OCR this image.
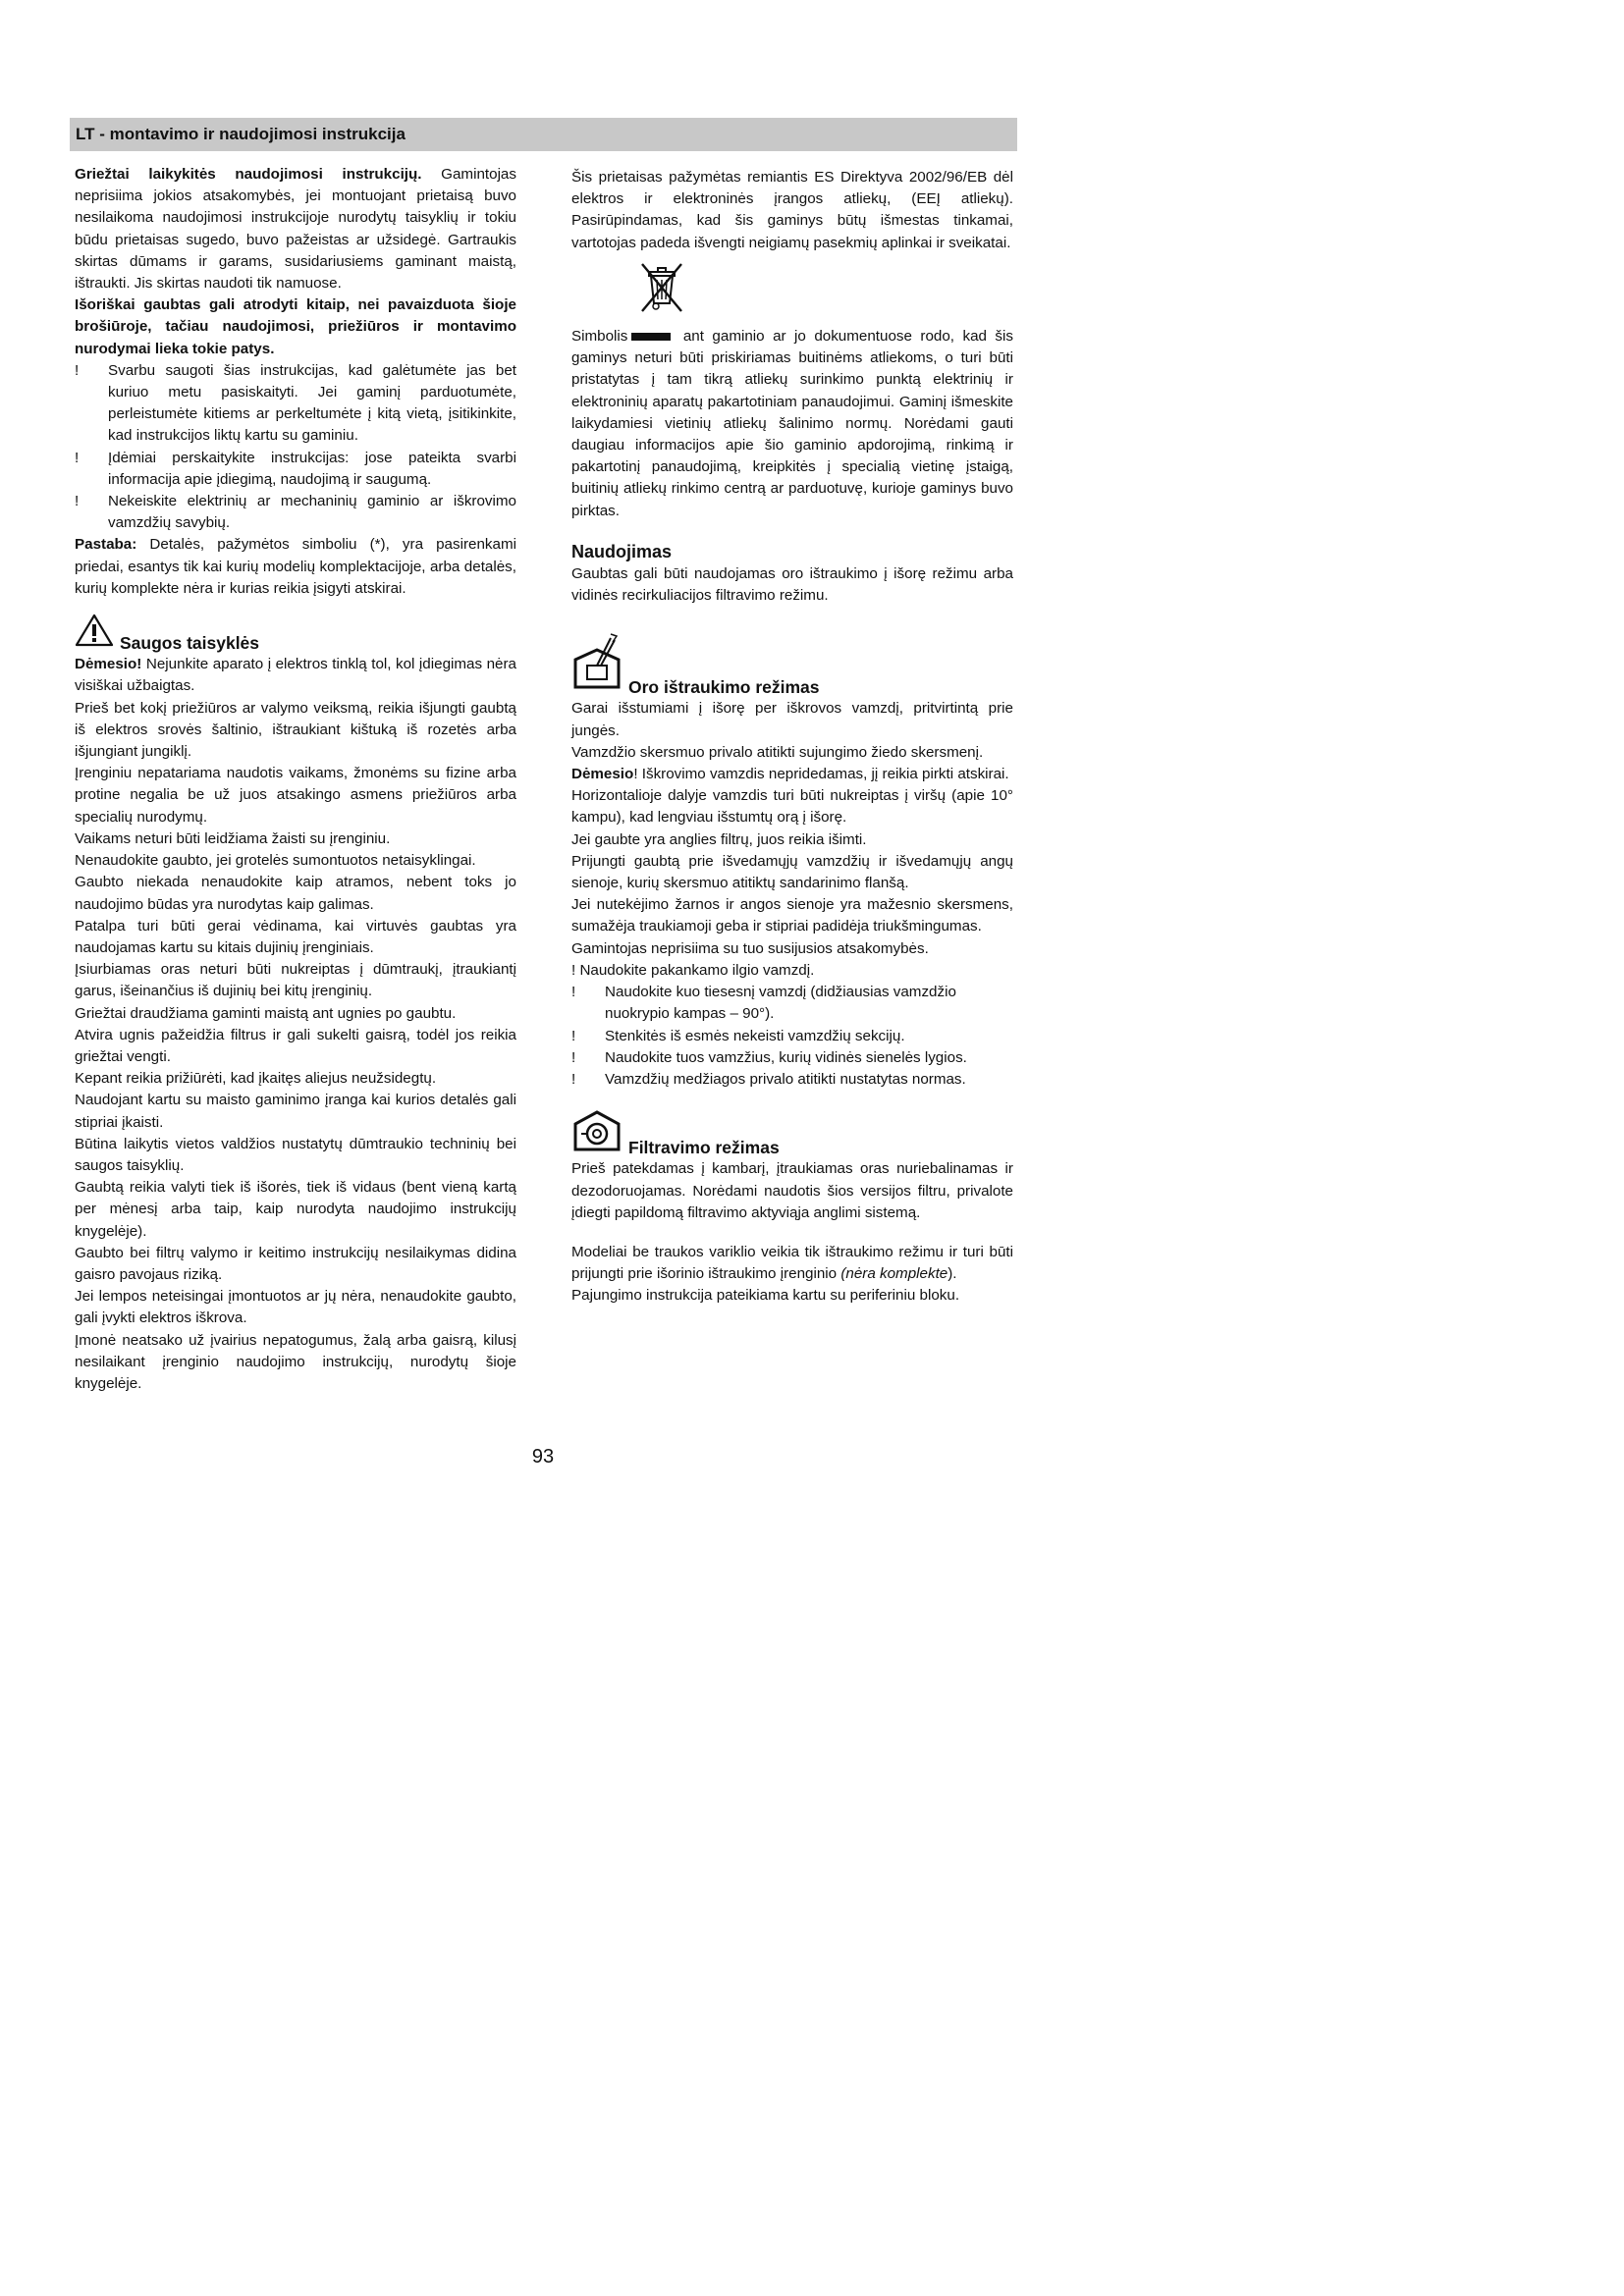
LT - montavimo ir naudojimosi instrukcija

Griežtai laikykitės naudojimosi instrukcijų. Gamintojas neprisiima jokios atsakomybės, jei montuojant prietaisą buvo nesilaikoma naudojimosi instrukcijoje nurodytų taisyklių ir tokiu būdu prietaisas sugedo, buvo pažeistas ar užsidegė. Gartraukis skirtas dūmams ir garams, susidariusiems gaminant maistą, ištraukti. Jis skirtas naudoti tik namuose.

Išoriškai gaubtas gali atrodyti kitaip, nei pavaizduota šioje brošiūroje, tačiau naudojimosi, priežiūros ir montavimo nurodymai lieka tokie patys.

!	Svarbu saugoti šias instrukcijas, kad galėtumėte jas bet kuriuo metu pasiskaityti. Jei gaminį parduotumėte, perleistumėte kitiems ar perkeltumėte į kitą vietą, įsitikinkite, kad instrukcijos liktų kartu su gaminiu.
!	Įdėmiai perskaitykite instrukcijas: jose pateikta svarbi informacija apie įdiegimą, naudojimą ir saugumą.
!	Nekeiskite elektrinių ar mechaninių gaminio ar iškrovimo vamzdžių savybių.

Pastaba: Detalės, pažymėtos simboliu (*), yra pasirenkami priedai, esantys tik kai kurių modelių komplektacijoje, arba detalės, kurių komplekte nėra ir kurias reikia įsigyti atskirai.

Saugos taisyklės

Dėmesio! Nejunkite aparato į elektros tinklą tol, kol įdiegimas nėra visiškai užbaigtas.

Prieš bet kokį priežiūros ar valymo veiksmą, reikia išjungti gaubtą iš elektros srovės šaltinio, ištraukiant kištuką iš rozetės arba išjungiant jungiklį.

Įrenginiu nepatariama naudotis vaikams, žmonėms su fizine arba protine negalia be už juos atsakingo asmens priežiūros arba specialių nurodymų.

Vaikams neturi būti leidžiama žaisti su įrenginiu.

Nenaudokite gaubto, jei grotelės sumontuotos netaisyklingai.

Gaubto niekada nenaudokite kaip atramos, nebent toks jo naudojimo būdas yra nurodytas kaip galimas.

Patalpa turi būti gerai vėdinama, kai virtuvės gaubtas yra naudojamas kartu su kitais dujinių įrenginiais.

Įsiurbiamas oras neturi būti nukreiptas į dūmtraukį, įtraukiantį garus, išeinančius iš dujinių bei kitų įrenginių.

Griežtai draudžiama gaminti maistą ant ugnies po gaubtu.

Atvira ugnis pažeidžia filtrus ir gali sukelti gaisrą, todėl jos reikia griežtai vengti.

Kepant reikia prižiūrėti, kad įkaitęs aliejus neužsidegtų.

Naudojant kartu su maisto gaminimo įranga kai kurios detalės gali stipriai įkaisti.

Būtina laikytis vietos valdžios nustatytų dūmtraukio techninių bei saugos taisyklių.

Gaubtą reikia valyti tiek iš išorės, tiek iš vidaus (bent vieną kartą per mėnesį arba taip, kaip nurodyta naudojimo instrukcijų knygelėje).

Gaubto bei filtrų valymo ir keitimo instrukcijų nesilaikymas didina gaisro pavojaus riziką.

Jei lempos neteisingai įmontuotos ar jų nėra, nenaudokite gaubto, gali įvykti elektros iškrova.

Įmonė neatsako už įvairius nepatogumus, žalą arba gaisrą, kilusį nesilaikant įrenginio naudojimo instrukcijų, nurodytų šioje knygelėje.

Šis prietaisas pažymėtas remiantis ES Direktyva 2002/96/EB dėl elektros ir elektroninės įrangos atliekų, (EEĮ atliekų). Pasirūpindamas, kad šis gaminys būtų išmestas tinkamai, vartotojas padeda išvengti neigiamų pasekmių aplinkai ir sveikatai.

Simbolis	ant gaminio ar jo dokumentuose rodo, kad šis gaminys neturi būti priskiriamas buitinėms atliekoms, o turi būti pristatytas į tam tikrą atliekų surinkimo punktą elektrinių ir elektroninių aparatų pakartotiniam panaudojimui. Gaminį išmeskite laikydamiesi vietinių atliekų šalinimo normų. Norėdami gauti daugiau informacijos apie šio gaminio apdorojimą, rinkimą ir pakartotinį panaudojimą, kreipkitės į specialią vietinę įstaigą, buitinių atliekų rinkimo centrą ar parduotuvę, kurioje gaminys buvo pirktas.

Naudojimas

Gaubtas gali būti naudojamas oro ištraukimo į išorę režimu arba vidinės recirkuliacijos filtravimo režimu.

Oro ištraukimo režimas

Garai išstumiami į išorę per iškrovos vamzdį, pritvirtintą prie jungės.

Vamzdžio skersmuo privalo atitikti sujungimo žiedo skersmenį.

Dėmesio! Iškrovimo vamzdis nepridedamas, jį reikia pirkti atskirai.

Horizontalioje dalyje vamzdis turi būti nukreiptas į viršų (apie 10° kampu), kad lengviau išstumtų orą į išorę.

Jei gaubte yra anglies filtrų, juos reikia išimti.

Prijungti gaubtą prie išvedamųjų vamzdžių ir išvedamųjų angų sienoje, kurių skersmuo atitiktų sandarinimo flanšą.

Jei nutekėjimo žarnos ir angos sienoje yra mažesnio skersmens, sumažėja traukiamoji geba ir stipriai padidėja triukšmingumas.

Gamintojas neprisiima su tuo susijusios atsakomybės.

! Naudokite pakankamo ilgio vamzdį.

!	Naudokite kuo tiesesnį vamzdį (didžiausias vamzdžio nuokrypio kampas – 90°).
!	Stenkitės iš esmės nekeisti vamzdžių sekcijų.
!	Naudokite tuos vamzžius, kurių vidinės sienelės lygios.
!	Vamzdžių medžiagos privalo atitikti nustatytas normas.
Filtravimo režimas

Prieš patekdamas į kambarį, įtraukiamas oras nuriebalinamas ir dezodoruojamas. Norėdami naudotis šios versijos filtru, privalote įdiegti papildomą filtravimo aktyviąja anglimi sistemą.

Modeliai be traukos variklio veikia tik ištraukimo režimu ir turi būti prijungti prie išorinio ištraukimo įrenginio (nėra komplekte).

Pajungimo instrukcija pateikiama kartu su periferiniu bloku.

93
